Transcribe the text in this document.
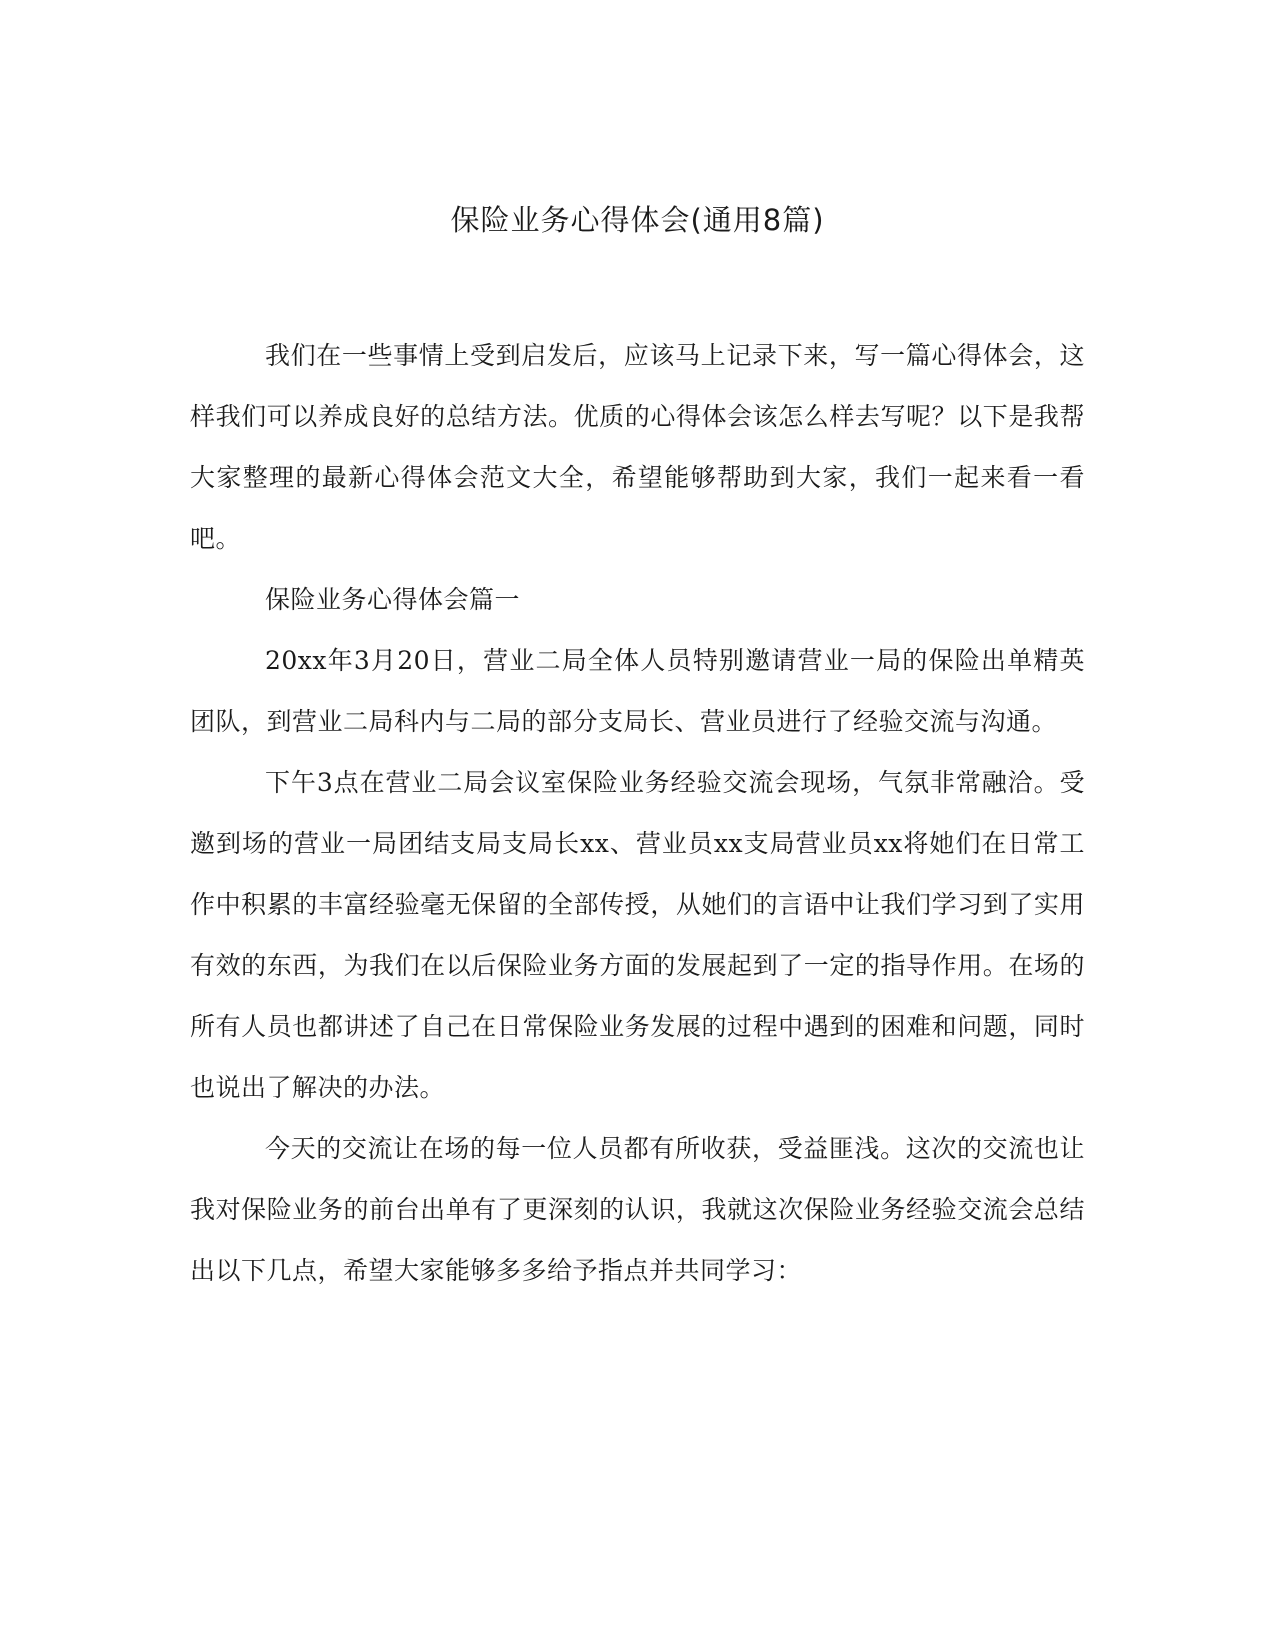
保险业务心得体会(通用8篇)

我们在一些事情上受到启发后，应该马上记录下来，写一篇心得体会，这样我们可以养成良好的总结方法。优质的心得体会该怎么样去写呢？以下是我帮大家整理的最新心得体会范文大全，希望能够帮助到大家，我们一起来看一看吧。

保险业务心得体会篇一

20xx年3月20日，营业二局全体人员特别邀请营业一局的保险出单精英团队，到营业二局科内与二局的部分支局长、营业员进行了经验交流与沟通。

下午3点在营业二局会议室保险业务经验交流会现场，气氛非常融洽。受邀到场的营业一局团结支局支局长xx、营业员xx支局营业员xx将她们在日常工作中积累的丰富经验毫无保留的全部传授，从她们的言语中让我们学习到了实用有效的东西，为我们在以后保险业务方面的发展起到了一定的指导作用。在场的所有人员也都讲述了自己在日常保险业务发展的过程中遇到的困难和问题，同时也说出了解决的办法。

今天的交流让在场的每一位人员都有所收获，受益匪浅。这次的交流也让我对保险业务的前台出单有了更深刻的认识，我就这次保险业务经验交流会总结出以下几点，希望大家能够多多给予指点并共同学习：
